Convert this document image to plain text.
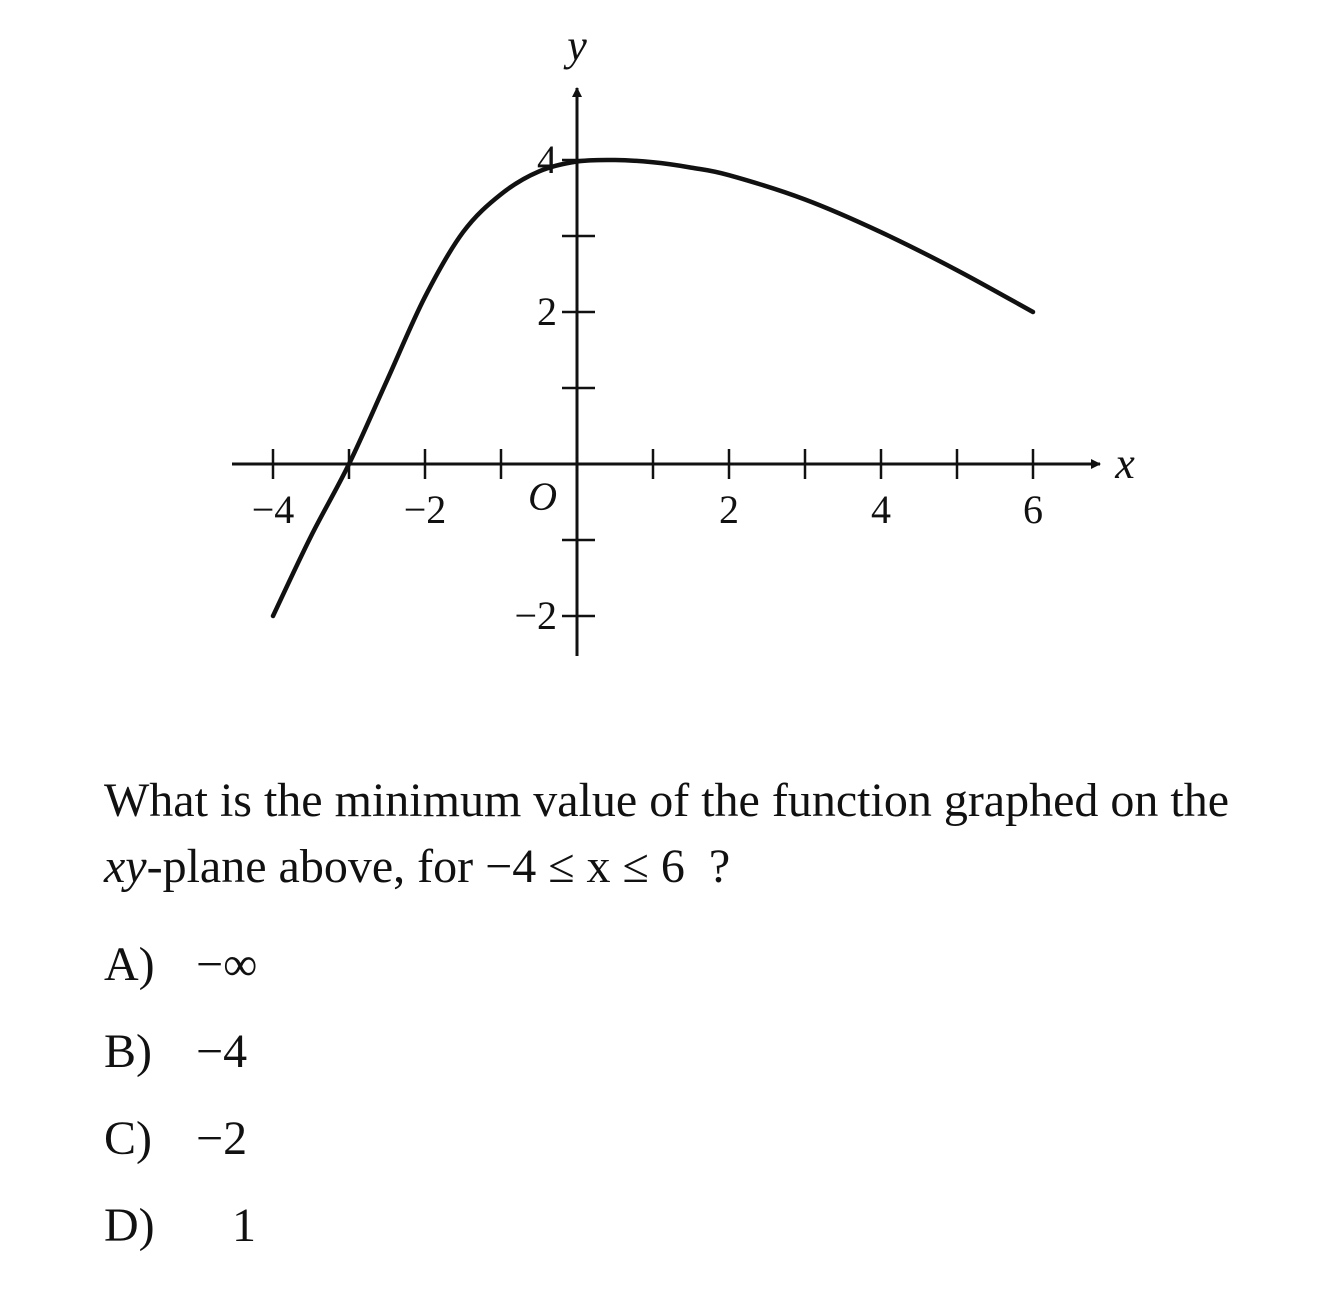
−4	−2	2	4	6
4
2
−2
O
x
y
What is the minimum value of the function graphed on the xy-plane above, for −4 ≤ x ≤ 6 ?
A) −∞
B) −4
C) −2
D) 1
